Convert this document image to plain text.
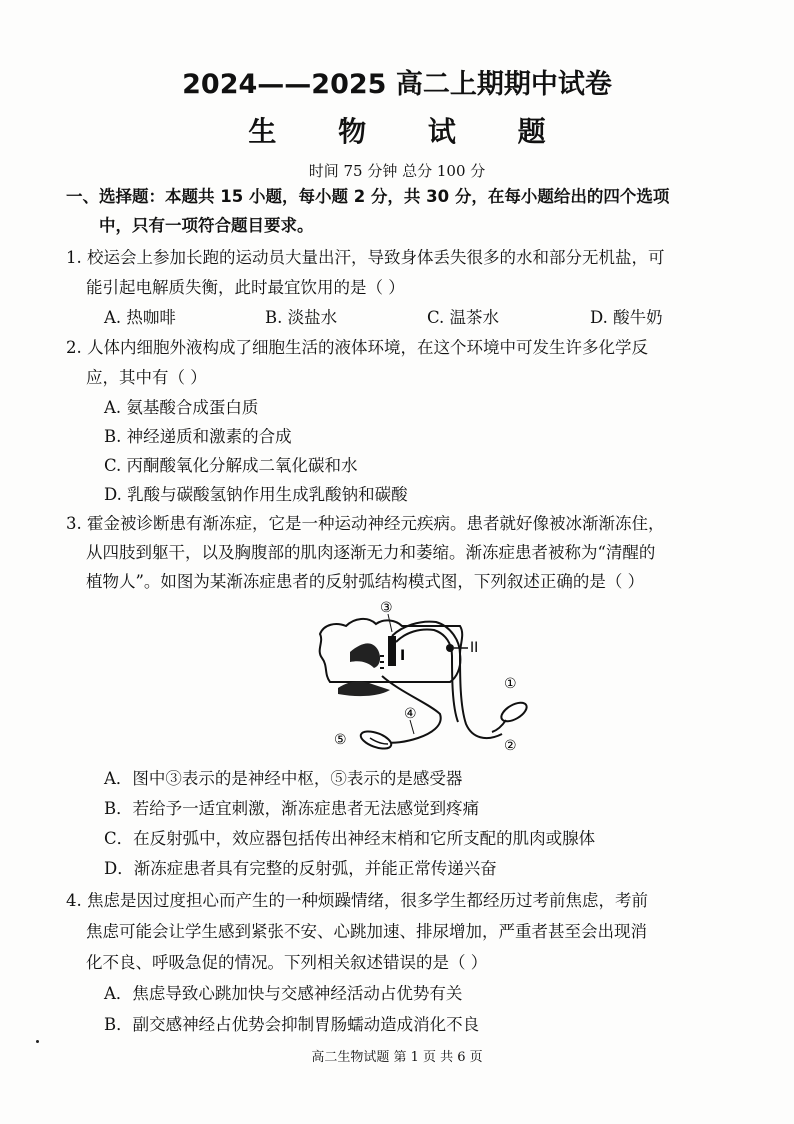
2024——2025 高二上期期中试卷
生 物 试 题
时间 75 分钟 总分 100 分
一、选择题：本题共 15 小题，每小题 2 分，共 30 分，在每小题给出的四个选项
中，只有一项符合题目要求。
1. 校运会上参加长跑的运动员大量出汗，导致身体丢失很多的水和部分无机盐，可
能引起电解质失衡，此时最宜饮用的是（ ）
A. 热咖啡	B. 淡盐水	C. 温茶水	D. 酸牛奶
2. 人体内细胞外液构成了细胞生活的液体环境，在这个环境中可发生许多化学反
应，其中有（ ）
A. 氨基酸合成蛋白质
B. 神经递质和激素的合成
C. 丙酮酸氧化分解成二氧化碳和水
D. 乳酸与碳酸氢钠作用生成乳酸钠和碳酸
3. 霍金被诊断患有渐冻症，它是一种运动神经元疾病。患者就好像被冰渐渐冻住，
从四肢到躯干，以及胸腹部的肌肉逐渐无力和萎缩。渐冻症患者被称为“清醒的
植物人”。如图为某渐冻症患者的反射弧结构模式图，下列叙述正确的是（ ）
③
I	II
①
②
④
⑤
A．图中③表示的是神经中枢，⑤表示的是感受器
B．若给予一适宜刺激，渐冻症患者无法感觉到疼痛
C．在反射弧中，效应器包括传出神经末梢和它所支配的肌肉或腺体
D．渐冻症患者具有完整的反射弧，并能正常传递兴奋
4. 焦虑是因过度担心而产生的一种烦躁情绪，很多学生都经历过考前焦虑，考前
焦虑可能会让学生感到紧张不安、心跳加速、排尿增加，严重者甚至会出现消
化不良、呼吸急促的情况。下列相关叙述错误的是（ ）
A．焦虑导致心跳加快与交感神经活动占优势有关
B．副交感神经占优势会抑制胃肠蠕动造成消化不良
高二生物试题 第 1 页 共 6 页
